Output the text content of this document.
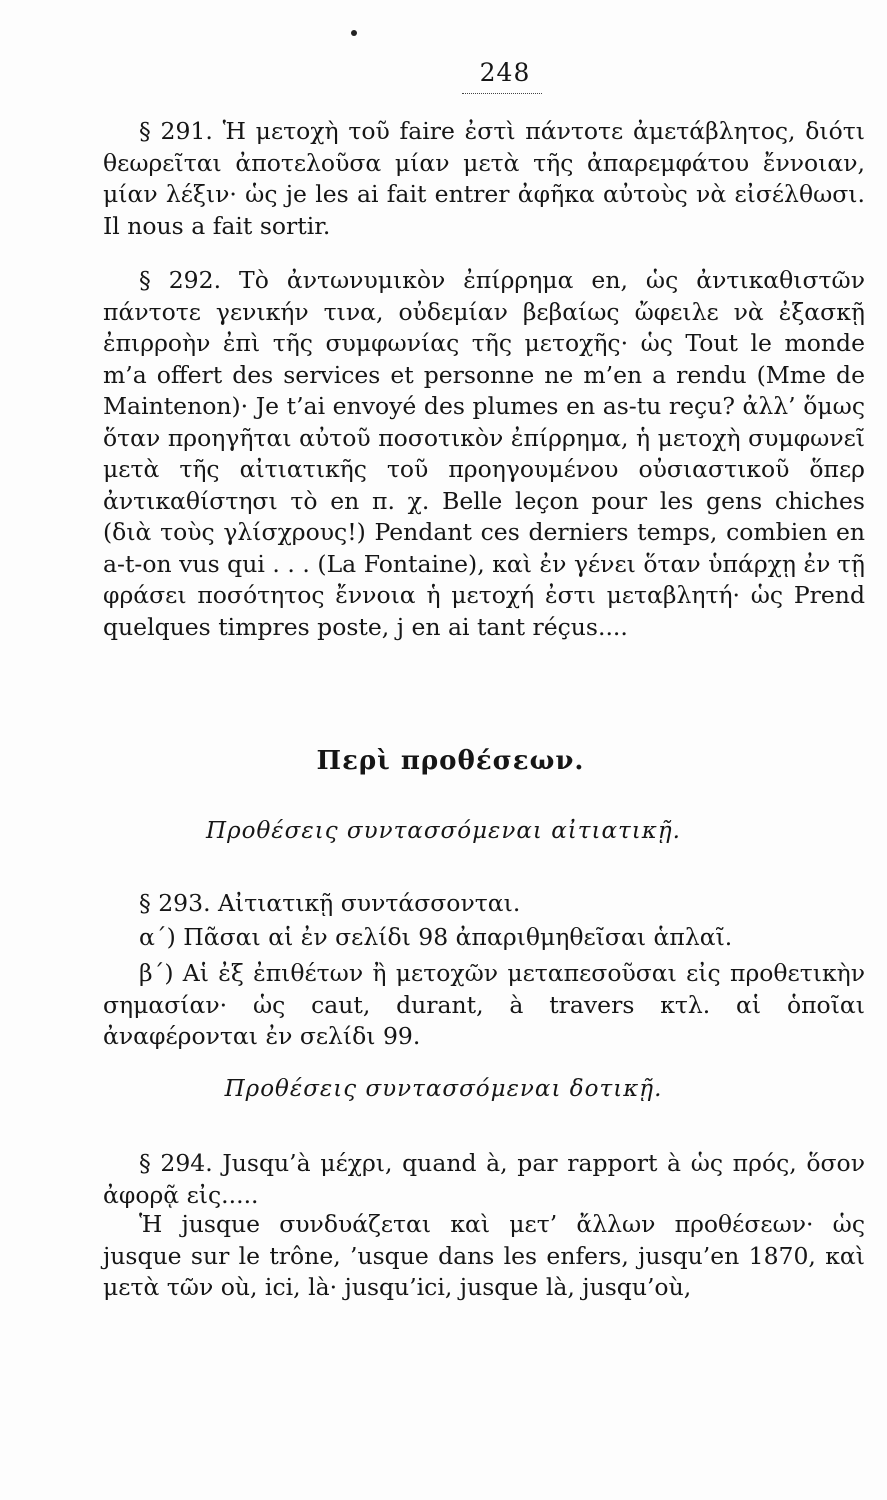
248

§ 291. Ἡ μετοχὴ τοῦ faire ἐστὶ πάντοτε ἀμετάβλητος, διότι θεωρεῖται ἀποτελοῦσα μίαν μετὰ τῆς ἀπαρεμφάτου ἔννοιαν, μίαν λέξιν· ὡς je les ai fait entrer ἀφῆκα αὐτοὺς νὰ εἰσέλθωσι. Il nous a fait sortir.

§ 292. Τὸ ἀντωνυμικὸν ἐπίρρημα en, ὡς ἀντικαθιστῶν πάντοτε γενικήν τινα, οὐδεμίαν βεβαίως ὤφειλε νὰ ἐξασκῇ ἐπιρροὴν ἐπὶ τῆς συμφωνίας τῆς μετοχῆς· ὡς Tout le monde m’a offert des services et personne ne m’en a rendu (Mme de Maintenon)· Je t’ai envoyé des plumes en as-tu reçu? ἀλλ’ ὅμως ὅταν προηγῆται αὐτοῦ ποσοτικὸν ἐπίρρημα, ἡ μετοχὴ συμφωνεῖ μετὰ τῆς αἰτιατικῆς τοῦ προηγουμένου οὐσιαστικοῦ ὅπερ ἀντικαθίστησι τὸ en π. χ. Belle leçon pour les gens chiches (διὰ τοὺς γλίσχρους!) Pendant ces derniers temps, combien en a-t-on vus qui . . . (La Fontaine), καὶ ἐν γένει ὅταν ὑπάρχῃ ἐν τῇ φράσει ποσότητος ἔννοια ἡ μετοχή ἐστι μεταβλητή· ὡς Prend quelques timpres poste, j en ai tant réçus....

Περὶ προθέσεων.
Προθέσεις συντασσόμεναι αἰτιατικῇ.

§ 293. Αἰτιατικῇ συντάσσονται.

α΄) Πᾶσαι αἱ ἐν σελίδι 98 ἀπαριθμηθεῖσαι ἁπλαῖ.

β΄) Αἱ ἐξ ἐπιθέτων ἢ μετοχῶν μεταπεσοῦσαι εἰς προθετικὴν σημασίαν· ὡς caut, durant, à travers κτλ. αἱ ὁποῖαι ἀναφέρονται ἐν σελίδι 99.

Προθέσεις συντασσόμεναι δοτικῇ.

§ 294. Jusqu’à μέχρι, quand à, par rapport à ὡς πρός, ὅσον ἀφορᾷ εἰς.....

Ἡ jusque συνδυάζεται καὶ μετ’ ἄλλων προθέσεων· ὡς jusque sur le trône, ’usque dans les enfers, jusqu’en 1870, καὶ μετὰ τῶν où, ici, là· jusqu’ici, jusque là, jusqu’où,
